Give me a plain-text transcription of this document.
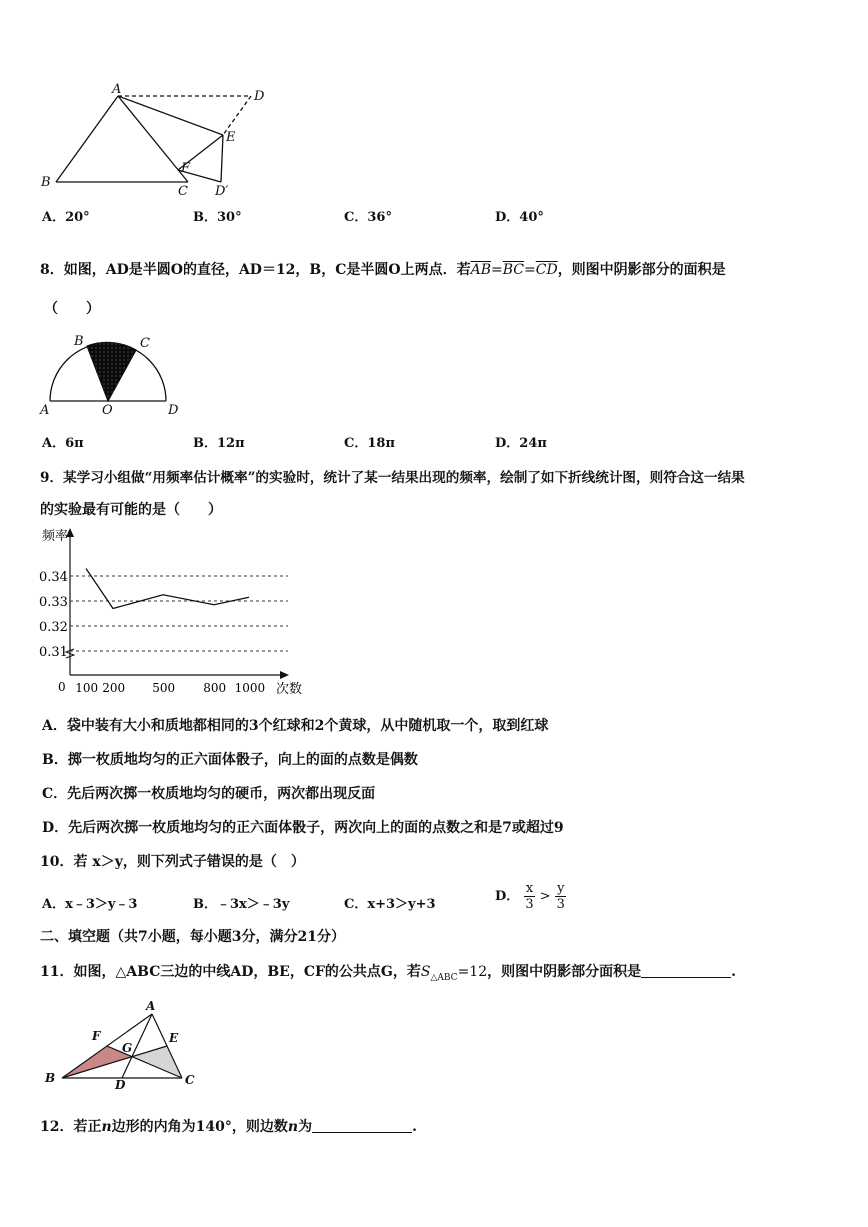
A
B
C
D
E
F
D′
A．20°	B．30°	C．36°	D．40°
8．如图，AD是半圆O的直径，AD＝12，B，C是半圆O上两点．若$\overline{AB}=\overline{BC}=\overline{CD}$，则图中阴影部分的面积是
（　　）
A
B	C
D
O
A．6π	B．12π	C．18π	D．24π
9．某学习小组做“用频率估计概率”的实验时，统计了某一结果出现的频率，绘制了如下折线统计图，则符合这一结果
的实验最有可能的是（　　）
频率
次数
0
0.34
0.33
0.32
0.31
100 200 500 800 1000
A．袋中装有大小和质地都相同的3个红球和2个黄球，从中随机取一个，取到红球
B．掷一枚质地均匀的正六面体骰子，向上的面的点数是偶数
C．先后两次掷一枚质地均匀的硬币，两次都出现反面
D．先后两次掷一枚质地均匀的正六面体骰子，两次向上的面的点数之和是7或超过9
10．若 x＞y，则下列式子错误的是（　）
A．x﹣3＞y﹣3	B．﹣3x＞﹣3y	C．x+3＞y+3
D． $\frac{x}{3} > \frac{y}{3}$
二、填空题（共7小题，每小题3分，满分21分）
11．如图，△ABC三边的中线AD，BE，CF的公共点G，若$S_{\triangle ABC}=12$，则图中阴影部分面积是	.
A
B	C
D
E
F
G
12．若正n边形的内角为140°，则边数n为	.
